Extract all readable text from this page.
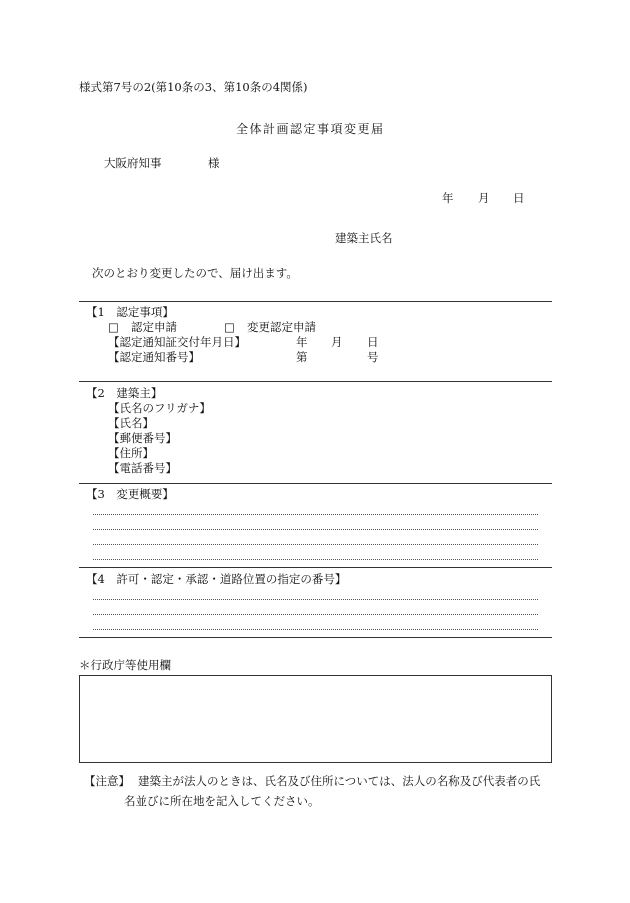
様式第7号の2(第10条の3、第10条の4関係)
全体計画認定事項変更届
大阪府知事	様
年 月 日
建築主氏名
次のとおり変更したので、届け出ます。
【1　認定事項】
□ 認定申請	□ 変更認定申請
【認定通知証交付年月日】	年 月 日
【認定通知番号】	第	号
【2　建築主】
【氏名のフリガナ】
【氏名】
【郵便番号】
【住所】
【電話番号】
【3　変更概要】
【4　許可・認定・承認・道路位置の指定の番号】
＊行政庁等使用欄
【注意】 建築主が法人のときは、氏名及び住所については、法人の名称及び代表者の氏
名並びに所在地を記入してください。
